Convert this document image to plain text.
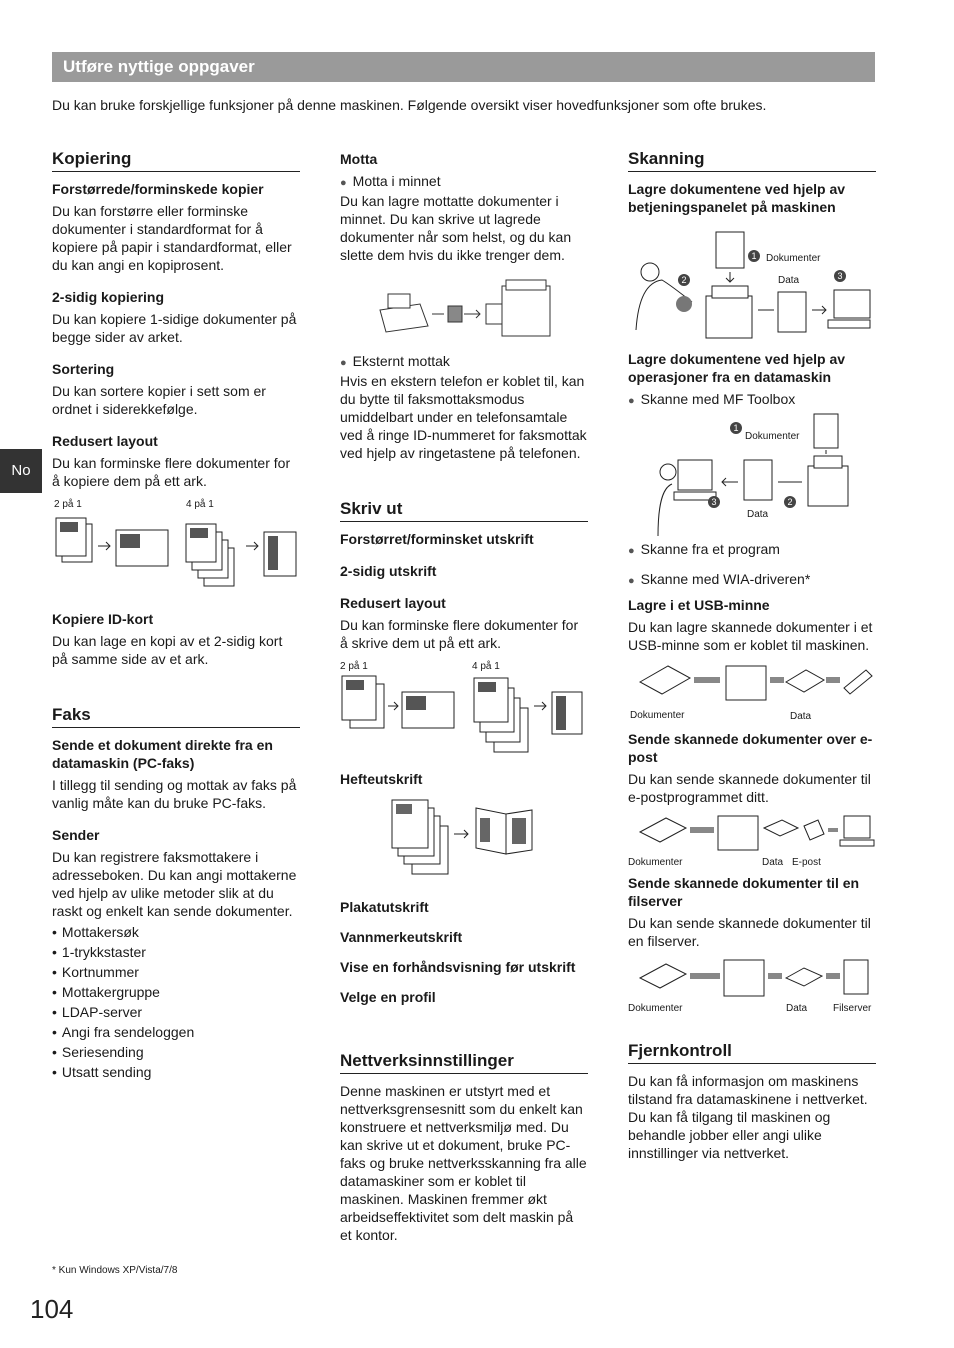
Utføre nyttige oppgaver
Du kan bruke forskjellige funksjoner på denne maskinen. Følgende oversikt viser hovedfunksjoner som ofte brukes.
No
Kopiering

Forstørrede/forminskede kopier

Du kan forstørre eller forminske dokumenter i standardformat for å kopiere på papir i standardformat, eller du kan angi en kopiprosent.

2-sidig kopiering

Du kan kopiere 1-sidige dokumenter på begge sider av arket.

Sortering

Du kan sortere kopier i sett som er ordnet i siderekkefølge.

Redusert layout

Du kan forminske flere dokumenter for å kopiere dem på ett ark.

2 på 1	4 på 1

Kopiere ID-kort

Du kan lage en kopi av et 2-sidig kort på samme side av et ark.

Faks

Sende et dokument direkte fra en datamaskin (PC-faks)

I tillegg til sending og mottak av faks på vanlig måte kan du bruke PC-faks.

Sender

Du kan registrere faksmottakere i adresseboken. Du kan angi mottakerne ved hjelp av ulike metoder slik at du raskt og enkelt kan sende dokumenter.

• Mottakersøk
• 1-trykkstaster
• Kortnummer
• Mottakergruppe
• LDAP-server
• Angi fra sendeloggen
• Seriesending
• Utsatt sending

Motta

● Motta i minnet

Du kan lagre mottatte dokumenter i minnet. Du kan skrive ut lagrede dokumenter når som helst, og du kan slette dem hvis du ikke trenger dem.

● Eksternt mottak

Hvis en ekstern telefon er koblet til, kan du bytte til faksmottaksmodus umiddelbart under en telefonsamtale ved å ringe ID-nummeret for faksmottak ved hjelp av ringetastene på telefonen.

Skriv ut

Forstørret/forminsket utskrift

2-sidig utskrift

Redusert layout

Du kan forminske flere dokumenter for å skrive dem ut på ett ark.

2 på 1	4 på 1

Hefteutskrift

Plakatutskrift

Vannmerkeutskrift

Vise en forhåndsvisning før utskrift

Velge en profil

Nettverksinnstillinger

Denne maskinen er utstyrt med et nettverksgrensesnitt som du enkelt kan konstruere et nettverksmiljø med. Du kan skrive ut et dokument, bruke PC-faks og bruke nettverksskanning fra alle datamaskiner som er koblet til maskinen. Maskinen fremmer økt arbeidseffektivitet som delt maskin på et kontor.

Skanning

Lagre dokumentene ved hjelp av betjeningspanelet på maskinen

Dokumenter
Data
1
2	3

Lagre dokumentene ved hjelp av operasjoner fra en datamaskin

● Skanne med MF Toolbox

Dokumenter
Data
1
2
3

● Skanne fra et program

● Skanne med WIA-driveren*

Lagre i et USB-minne

Du kan lagre skannede dokumenter i et USB-minne som er koblet til maskinen.

Dokumenter	Data

Sende skannede dokumenter over e-post

Du kan sende skannede dokumenter til e-postprogrammet ditt.

Dokumenter	Data E-post

Sende skannede dokumenter til en filserver

Du kan sende skannede dokumenter til en filserver.

Dokumenter	Data	Filserver
Fjernkontroll

Du kan få informasjon om maskinens tilstand fra datamaskinene i nettverket. Du kan få tilgang til maskinen og behandle jobber eller angi ulike innstillinger via nettverket.

* Kun Windows XP/Vista/7/8
104
